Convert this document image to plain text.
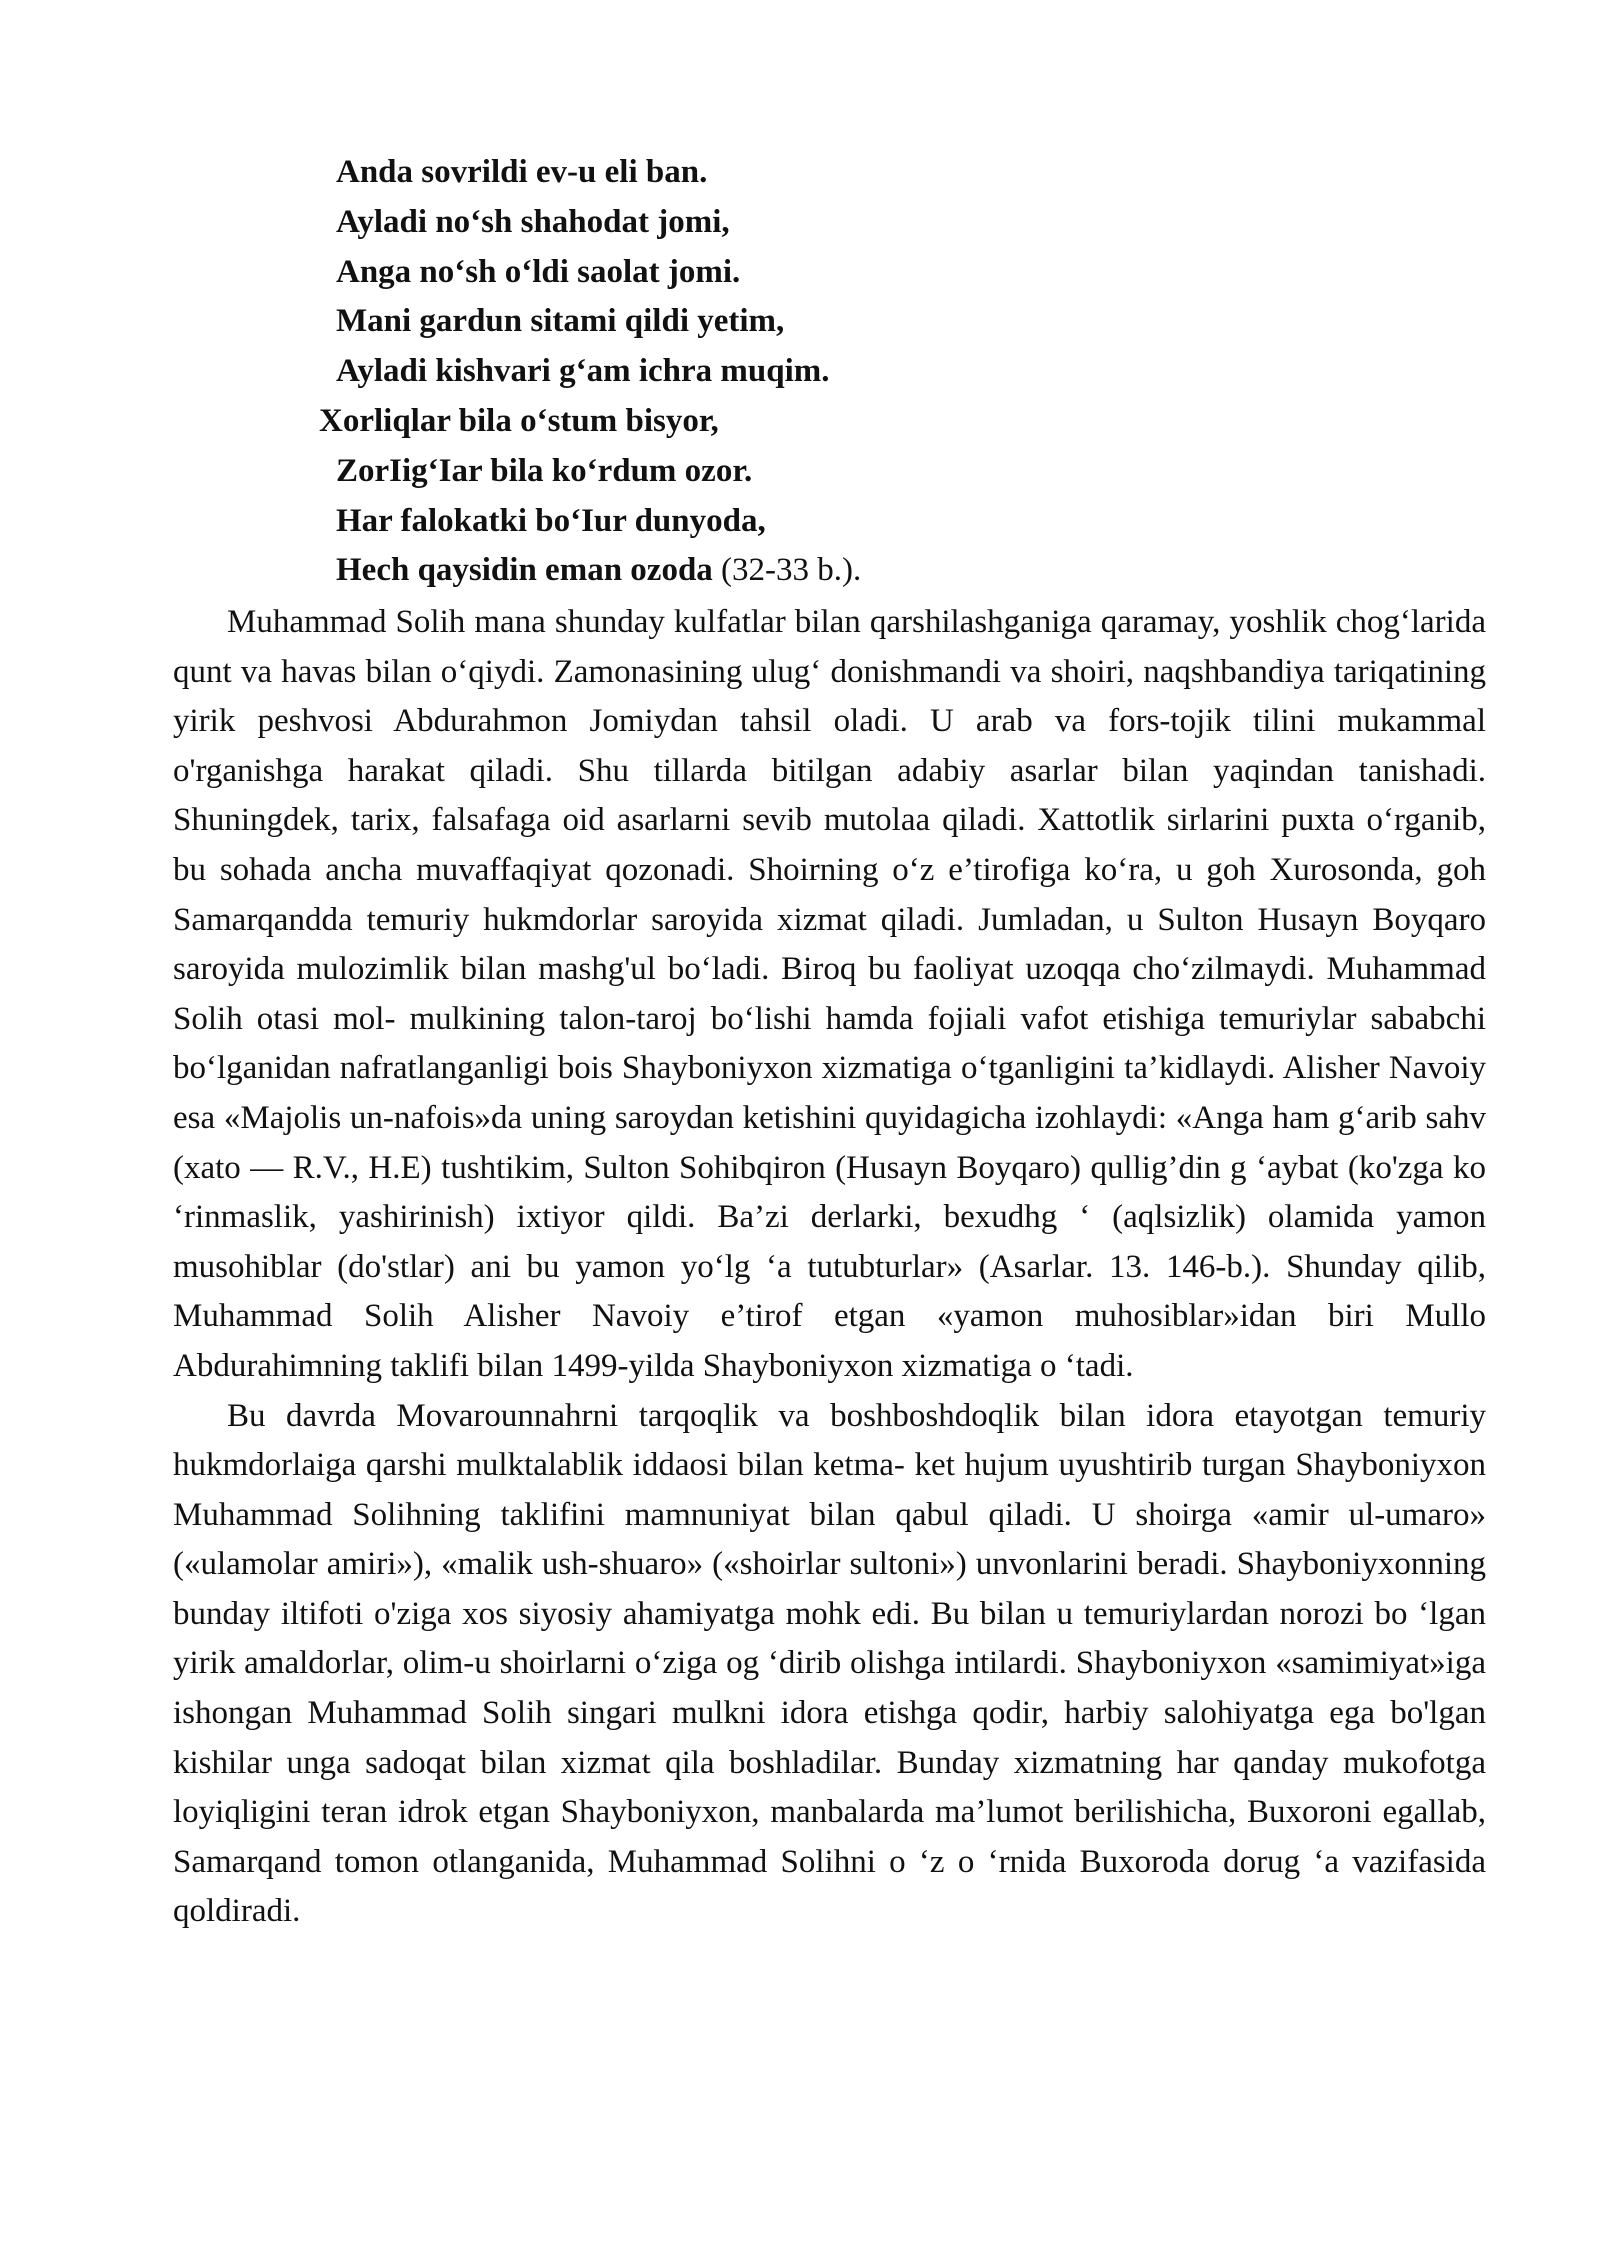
Anda sovrildi ev-u eli ban.
Ayladi no‘sh shahodat jomi,
Anga no‘sh o‘ldi saolat jomi.
Mani gardun sitami qildi yetim,
Ayladi kishvari g‘am ichra muqim.
Xorliqlar bila o‘stum bisyor,
ZorIig‘Iar bila ko‘rdum ozor.
Har falokatki bo‘Iur dunyoda,
Hech qaysidin eman ozoda (32-33 b.).

Muhammad Solih mana shunday kulfatlar bilan qarshilashganiga qaramay, yoshlik chog‘larida qunt va havas bilan o‘qiydi. Zamonasining ulug‘ donishmandi va shoiri, naqshbandiya tariqatining yirik peshvosi Abdurahmon Jomiydan tahsil oladi. U arab va fors-tojik tilini mukammal o'rganishga harakat qiladi. Shu tillarda bitilgan adabiy asarlar bilan yaqindan tanishadi. Shuningdek, tarix, falsafaga oid asarlarni sevib mutolaa qiladi. Xattotlik sirlarini puxta o‘rganib, bu sohada ancha muvaffaqiyat qozonadi. Shoirning o‘z e’tirofiga ko‘ra, u goh Xurosonda, goh Samarqandda temuriy hukmdorlar saroyida xizmat qiladi. Jumladan, u Sulton Husayn Boyqaro saroyida mulozimlik bilan mashg'ul bo‘ladi. Biroq bu faoliyat uzoqqa cho‘zilmaydi. Muhammad Solih otasi mol- mulkining talon-taroj bo‘lishi hamda fojiali vafot etishiga temuriylar sababchi bo‘lganidan nafratlanganligi bois Shayboniyxon xizmatiga o‘tganligini ta’kidlaydi. Alisher Navoiy esa «Majolis un-nafois»da uning saroydan ketishini quyidagicha izohlaydi: «Anga ham g‘arib sahv (xato — R.V., H.E) tushtikim, Sulton Sohibqiron (Husayn Boyqaro) qullig’din g ʻaybat (ko'zga ko ʻrinmaslik, yashirinish) ixtiyor qildi. Ba’zi derlarki, bexudhg ʻ (aqlsizlik) olamida yamon musohiblar (do'stlar) ani bu yamon yo‘lg ʻa tutubturlar» (Asarlar. 13. 146-b.). Shunday qilib, Muhammad Solih Alisher Navoiy e’tirof etgan «yamon muhosiblar»idan biri Mullo Abdurahimning taklifi bilan 1499-yilda Shayboniyxon xizmatiga o ʻtadi.

Bu davrda Movarounnahrni tarqoqlik va boshboshdoqlik bilan idora etayotgan temuriy hukmdorlaiga qarshi mulktalablik iddaosi bilan ketma- ket hujum uyushtirib turgan Shayboniyxon Muhammad Solihning taklifini mamnuniyat bilan qabul qiladi. U shoirga «amir ul-umaro» («ulamolar amiri»), «malik ush-shuaro» («shoirlar sultoni») unvonlarini beradi. Shayboniyxonning bunday iltifoti o'ziga xos siyosiy ahamiyatga mohk edi. Bu bilan u temuriylardan norozi bo ʻlgan yirik amaldorlar, olim-u shoirlarni o‘ziga og ʻdirib olishga intilardi. Shayboniyxon «samimiyat»iga ishongan Muhammad Solih singari mulkni idora etishga qodir, harbiy salohiyatga ega bo'lgan kishilar unga sadoqat bilan xizmat qila boshladilar. Bunday xizmatning har qanday mukofotga loyiqligini teran idrok etgan Shayboniyxon, manbalarda ma’lumot berilishicha, Buxoroni egallab, Samarqand tomon otlanganida, Muhammad Solihni o ʻz o ʻrnida Buxoroda dorug ʻa vazifasida qoldiradi.
